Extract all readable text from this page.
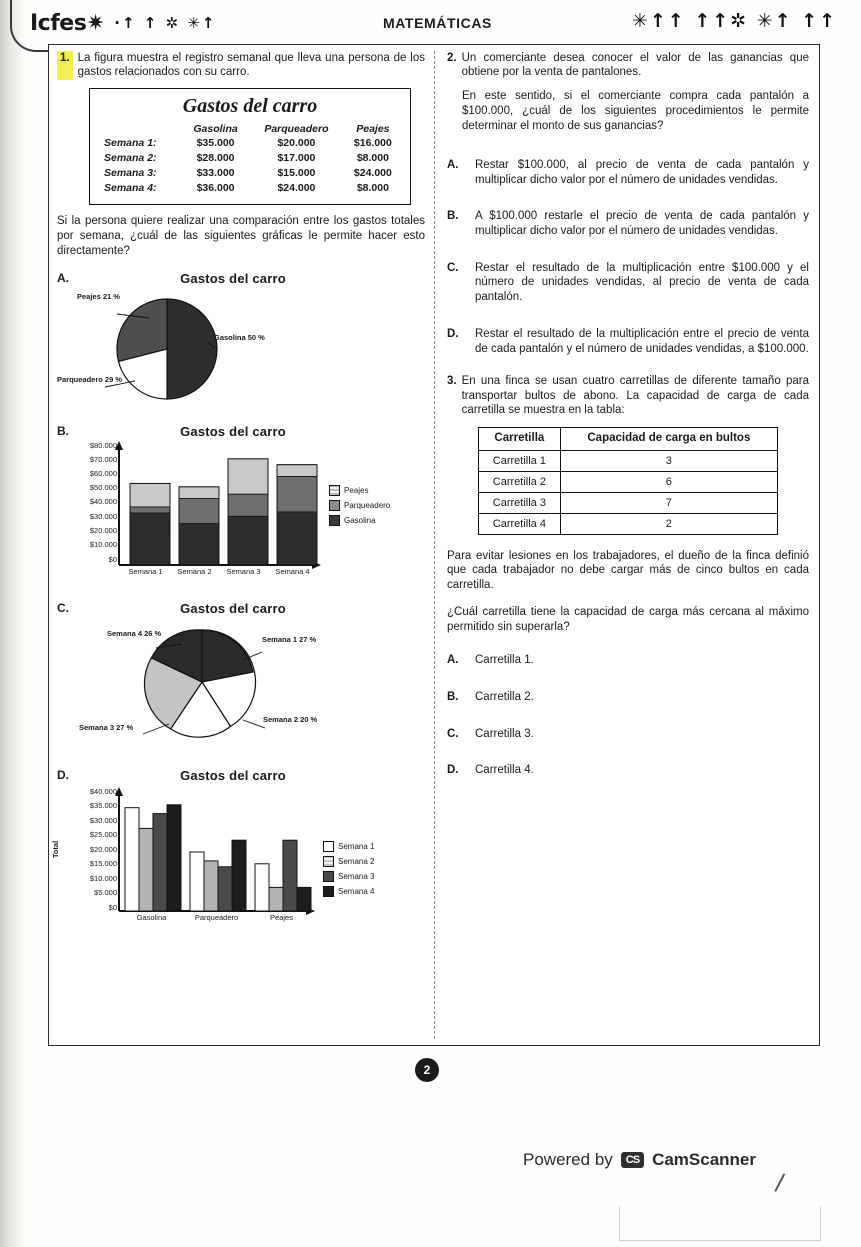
Icfes ✷ ·↑ ↑ ✲ ✳↑	MATEMÁTICAS	✳↑↑ ↑↑✲ ✳↑ ↑↑
1. La figura muestra el registro semanal que lleva una persona de los gastos relacionados con su carro.
Gastos del carro
	Gasolina	Parqueadero	Peajes
Semana 1:	$35.000	$20.000	$16.000
Semana 2:	$28.000	$17.000	$8.000
Semana 3:	$33.000	$15.000	$24.000
Semana 4:	$36.000	$24.000	$8.000

Si la persona quiere realizar una comparación entre los gastos totales por semana, ¿cuál de las siguientes gráficas le permite hacer esto directamente?

A.	Gastos del carro
Peajes 21 %
Gasolina 50 %
Parqueadero 29 %
B.	Gastos del carro
$80.000
$70.000
$60.000
$50.000
$40.000
$30.000
$20.000
$10.000
$0
Semana 1	Semana 2	Semana 3	Semana 4
Peajes
Parqueadero
Gasolina
C.	Gastos del carro
Semana 4 26 %
Semana 1 27 %
Semana 3 27 %
Semana 2 20 %
D.	Gastos del carro
$40.000
$35.000
$30.000
$25.000
$20.000
$15.000
$10.000
$5.000
$0
Total
Gasolina	Parqueadero	Peajes
Semana 1
Semana 2
Semana 3
Semana 4
2. Un comerciante desea conocer el valor de las ganancias que obtiene por la venta de pantalones.

En este sentido, si el comerciante compra cada pantalón a $100.000, ¿cuál de los siguientes procedimientos le permite determinar el monto de sus ganancias?

A. Restar $100.000, al precio de venta de cada pantalón y multiplicar dicho valor por el número de unidades vendidas.
B. A $100.000 restarle el precio de venta de cada pantalón y multiplicar dicho valor por el número de unidades vendidas.
C. Restar el resultado de la multiplicación entre $100.000 y el número de unidades vendidas, al precio de venta de cada pantalón.
D. Restar el resultado de la multiplicación entre el precio de venta de cada pantalón y el número de unidades vendidas, a $100.000.
3. En una finca se usan cuatro carretillas de diferente tamaño para transportar bultos de abono. La capacidad de carga de cada carretilla se muestra en la tabla:
Carretilla	Capacidad de carga en bultos
Carretilla 1	3
Carretilla 2	6
Carretilla 3	7
Carretilla 4	2

Para evitar lesiones en los trabajadores, el dueño de la finca definió que cada trabajador no debe cargar más de cinco bultos en cada carretilla.

¿Cuál carretilla tiene la capacidad de carga más cercana al máximo permitido sin superarla?

A. Carretilla 1.
B. Carretilla 2.
C. Carretilla 3.
D. Carretilla 4.
2
Powered by	CS CamScanner
/
